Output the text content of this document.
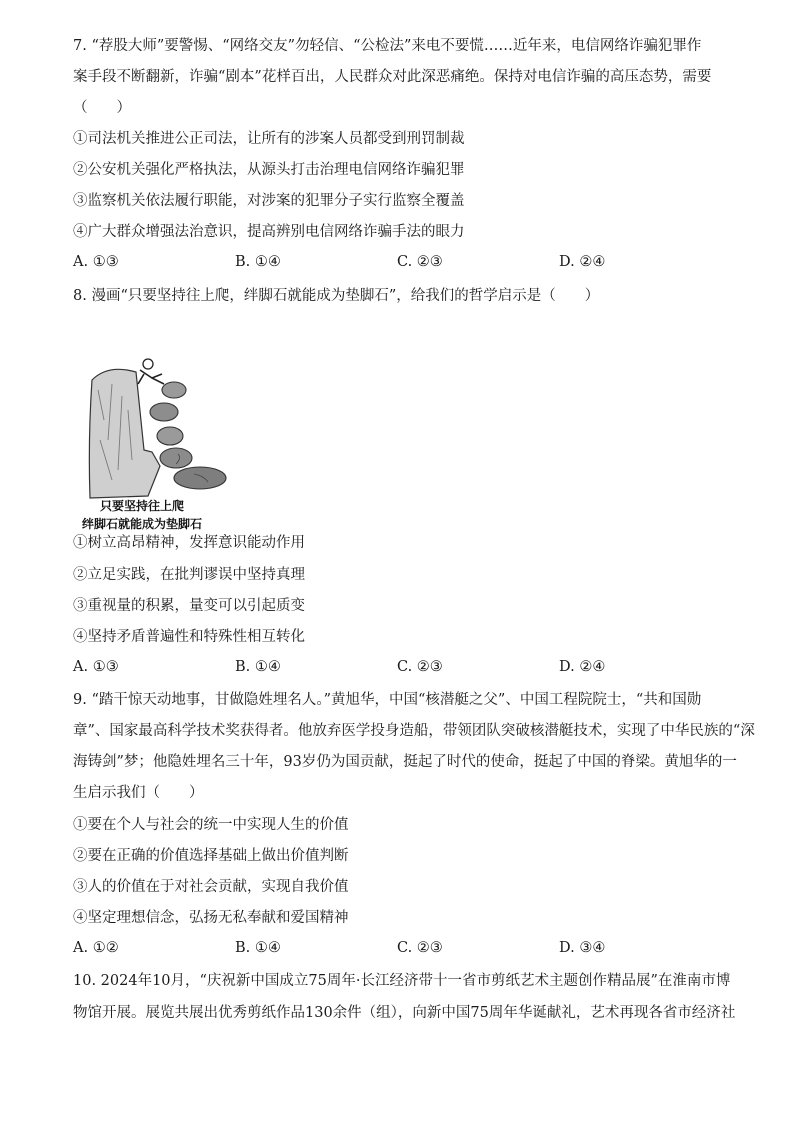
7. “荐股大师”要警惕、“网络交友”勿轻信、“公检法”来电不要慌……近年来，电信网络诈骗犯罪作
案手段不断翻新，诈骗“剧本”花样百出，人民群众对此深恶痛绝。保持对电信诈骗的高压态势，需要
（　　）
①司法机关推进公正司法，让所有的涉案人员都受到刑罚制裁
②公安机关强化严格执法，从源头打击治理电信网络诈骗犯罪
③监察机关依法履行职能，对涉案的犯罪分子实行监察全覆盖
④广大群众增强法治意识，提高辨别电信网络诈骗手法的眼力
A. ①③	B. ①④	C. ②③	D. ②④
8. 漫画“只要坚持往上爬，绊脚石就能成为垫脚石”，给我们的哲学启示是（　　）
只要坚持往上爬
绊脚石就能成为垫脚石
①树立高昂精神，发挥意识能动作用
②立足实践，在批判谬误中坚持真理
③重视量的积累，量变可以引起质变
④坚持矛盾普遍性和特殊性相互转化
A. ①③	B. ①④	C. ②③	D. ②④
9. “踏干惊天动地事，甘做隐姓埋名人。”黄旭华，中国“核潜艇之父”、中国工程院院士，“共和国勋
章”、国家最高科学技术奖获得者。他放弃医学投身造船，带领团队突破核潜艇技术，实现了中华民族的“深
海铸剑”梦；他隐姓埋名三十年，93岁仍为国贡献，挺起了时代的使命，挺起了中国的脊梁。黄旭华的一
生启示我们（　　）
①要在个人与社会的统一中实现人生的价值
②要在正确的价值选择基础上做出价值判断
③人的价值在于对社会贡献，实现自我价值
④坚定理想信念，弘扬无私奉献和爱国精神
A. ①②	B. ①④	C. ②③	D. ③④
10. 2024年10月，“庆祝新中国成立75周年·长江经济带十一省市剪纸艺术主题创作精品展”在淮南市博
物馆开展。展览共展出优秀剪纸作品130余件（组），向新中国75周年华诞献礼，艺术再现各省市经济社
